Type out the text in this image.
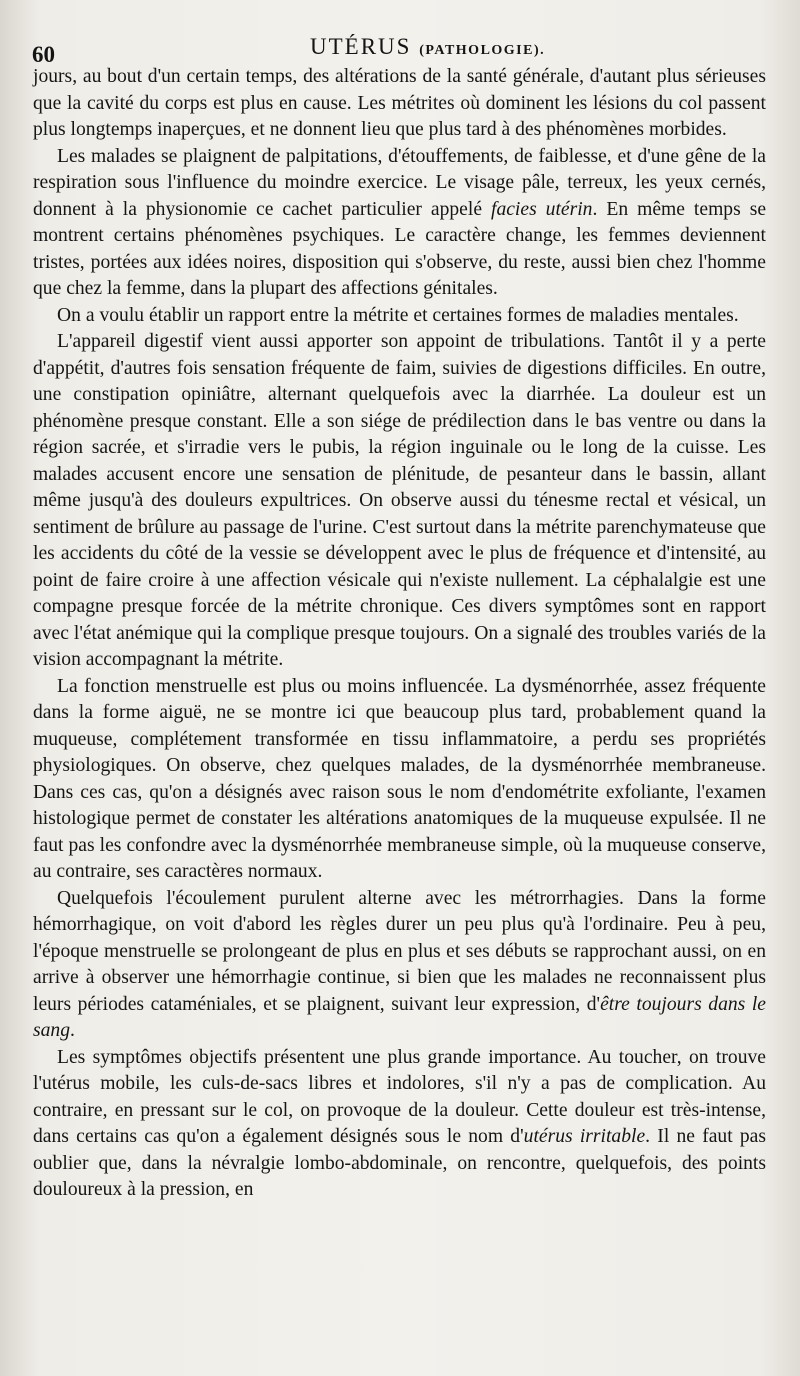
60	UTÉRUS (PATHOLOGIE).

jours, au bout d'un certain temps, des altérations de la santé générale, d'autant plus sérieuses que la cavité du corps est plus en cause. Les métrites où dominent les lésions du col passent plus longtemps inaperçues, et ne donnent lieu que plus tard à des phénomènes morbides.

Les malades se plaignent de palpitations, d'étouffements, de faiblesse, et d'une gêne de la respiration sous l'influence du moindre exercice. Le visage pâle, terreux, les yeux cernés, donnent à la physionomie ce cachet particulier appelé facies utérin. En même temps se montrent certains phénomènes psychiques. Le caractère change, les femmes deviennent tristes, portées aux idées noires, disposition qui s'observe, du reste, aussi bien chez l'homme que chez la femme, dans la plupart des affections génitales.

On a voulu établir un rapport entre la métrite et certaines formes de maladies mentales.

L'appareil digestif vient aussi apporter son appoint de tribulations. Tantôt il y a perte d'appétit, d'autres fois sensation fréquente de faim, suivies de digestions difficiles. En outre, une constipation opiniâtre, alternant quelquefois avec la diarrhée. La douleur est un phénomène presque constant. Elle a son siége de prédilection dans le bas ventre ou dans la région sacrée, et s'irradie vers le pubis, la région inguinale ou le long de la cuisse. Les malades accusent encore une sensation de plénitude, de pesanteur dans le bassin, allant même jusqu'à des douleurs expultrices. On observe aussi du ténesme rectal et vésical, un sentiment de brûlure au passage de l'urine. C'est surtout dans la métrite parenchymateuse que les accidents du côté de la vessie se développent avec le plus de fréquence et d'intensité, au point de faire croire à une affection vésicale qui n'existe nullement. La céphalalgie est une compagne presque forcée de la métrite chronique. Ces divers symptômes sont en rapport avec l'état anémique qui la complique presque toujours. On a signalé des troubles variés de la vision accompagnant la métrite.

La fonction menstruelle est plus ou moins influencée. La dysménorrhée, assez fréquente dans la forme aiguë, ne se montre ici que beaucoup plus tard, probablement quand la muqueuse, complétement transformée en tissu inflammatoire, a perdu ses propriétés physiologiques. On observe, chez quelques malades, de la dysménorrhée membraneuse. Dans ces cas, qu'on a désignés avec raison sous le nom d'endométrite exfoliante, l'examen histologique permet de constater les altérations anatomiques de la muqueuse expulsée. Il ne faut pas les confondre avec la dysménorrhée membraneuse simple, où la muqueuse conserve, au contraire, ses caractères normaux.

Quelquefois l'écoulement purulent alterne avec les métrorrhagies. Dans la forme hémorrhagique, on voit d'abord les règles durer un peu plus qu'à l'ordinaire. Peu à peu, l'époque menstruelle se prolongeant de plus en plus et ses débuts se rapprochant aussi, on en arrive à observer une hémorrhagie continue, si bien que les malades ne reconnaissent plus leurs périodes cataméniales, et se plaignent, suivant leur expression, d'être toujours dans le sang.

Les symptômes objectifs présentent une plus grande importance. Au toucher, on trouve l'utérus mobile, les culs-de-sacs libres et indolores, s'il n'y a pas de complication. Au contraire, en pressant sur le col, on provoque de la douleur. Cette douleur est très-intense, dans certains cas qu'on a également désignés sous le nom d'utérus irritable. Il ne faut pas oublier que, dans la névralgie lombo-abdominale, on rencontre, quelquefois, des points douloureux à la pression, en
